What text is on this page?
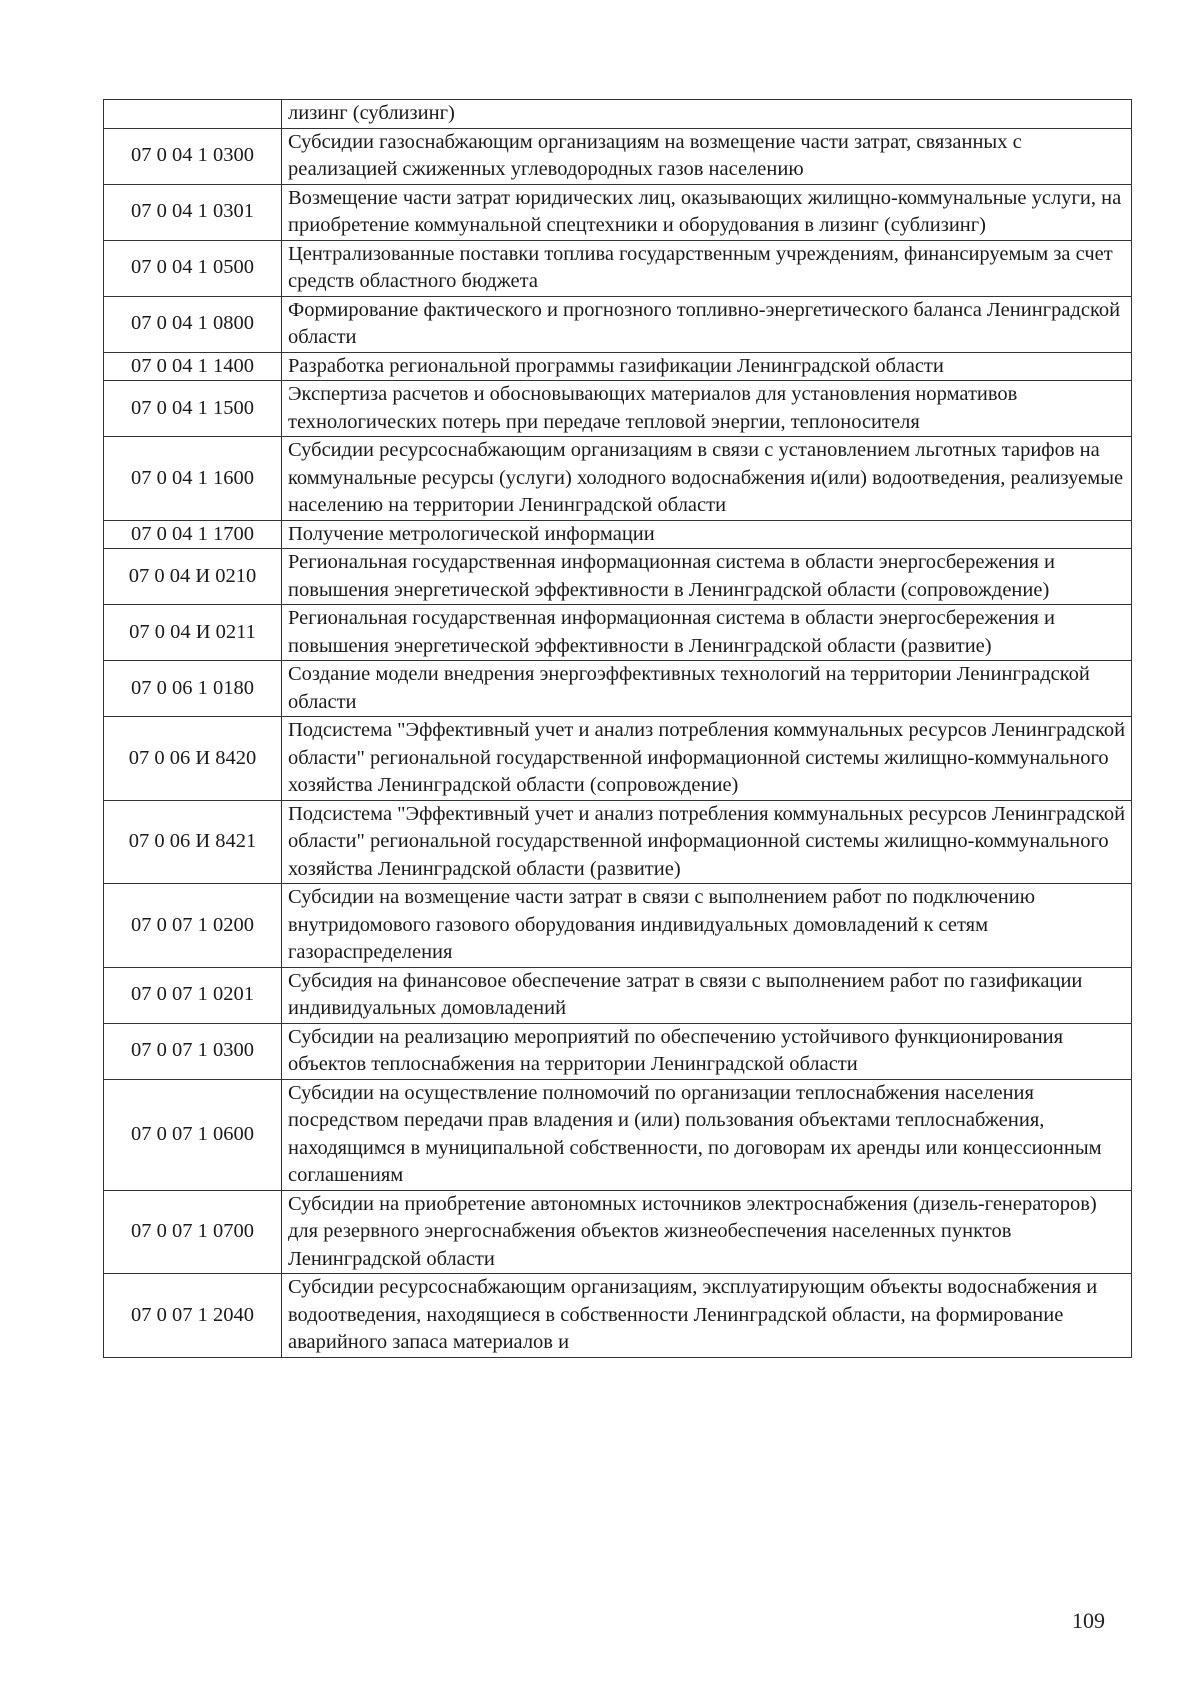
	лизинг (сублизинг)
07 0 04 1 0300	Субсидии газоснабжающим организациям на возмещение части затрат, связанных с реализацией сжиженных углеводородных газов населению
07 0 04 1 0301	Возмещение части затрат юридических лиц, оказывающих жилищно-коммунальные услуги, на приобретение коммунальной спецтехники и оборудования в лизинг (сублизинг)
07 0 04 1 0500	Централизованные поставки топлива государственным учреждениям, финансируемым за счет средств областного бюджета
07 0 04 1 0800	Формирование фактического и прогнозного топливно-энергетического баланса Ленинградской области
07 0 04 1 1400	Разработка региональной программы газификации Ленинградской области
07 0 04 1 1500	Экспертиза расчетов и обосновывающих материалов для установления нормативов технологических потерь при передаче тепловой энергии, теплоносителя
07 0 04 1 1600	Субсидии ресурсоснабжающим организациям в связи с установлением льготных тарифов на коммунальные ресурсы (услуги) холодного водоснабжения и(или) водоотведения, реализуемые населению на территории Ленинградской области
07 0 04 1 1700	Получение метрологической информации
07 0 04 И 0210	Региональная государственная информационная система в области энергосбережения и повышения энергетической эффективности в Ленинградской области (сопровождение)
07 0 04 И 0211	Региональная государственная информационная система в области энергосбережения и повышения энергетической эффективности в Ленинградской области (развитие)
07 0 06 1 0180	Создание модели внедрения энергоэффективных технологий на территории Ленинградской области
07 0 06 И 8420	Подсистема "Эффективный учет и анализ потребления коммунальных ресурсов Ленинградской области" региональной государственной информационной системы жилищно-коммунального хозяйства Ленинградской области (сопровождение)
07 0 06 И 8421	Подсистема "Эффективный учет и анализ потребления коммунальных ресурсов Ленинградской области" региональной государственной информационной системы жилищно-коммунального хозяйства Ленинградской области (развитие)
07 0 07 1 0200	Субсидии на возмещение части затрат в связи с выполнением работ по подключению внутридомового газового оборудования индивидуальных домовладений к сетям газораспределения
07 0 07 1 0201	Субсидия на финансовое обеспечение затрат в связи с выполнением работ по газификации индивидуальных домовладений
07 0 07 1 0300	Субсидии на реализацию мероприятий по обеспечению устойчивого функционирования объектов теплоснабжения на территории Ленинградской области
07 0 07 1 0600	Субсидии на осуществление полномочий по организации теплоснабжения населения посредством передачи прав владения и (или) пользования объектами теплоснабжения, находящимся в муниципальной собственности, по договорам их аренды или концессионным соглашениям
07 0 07 1 0700	Субсидии на приобретение автономных источников электроснабжения (дизель-генераторов) для резервного энергоснабжения объектов жизнеобеспечения населенных пунктов Ленинградской области
07 0 07 1 2040	Субсидии ресурсоснабжающим организациям, эксплуатирующим объекты водоснабжения и водоотведения, находящиеся в собственности Ленинградской области, на формирование аварийного запаса материалов и
109
